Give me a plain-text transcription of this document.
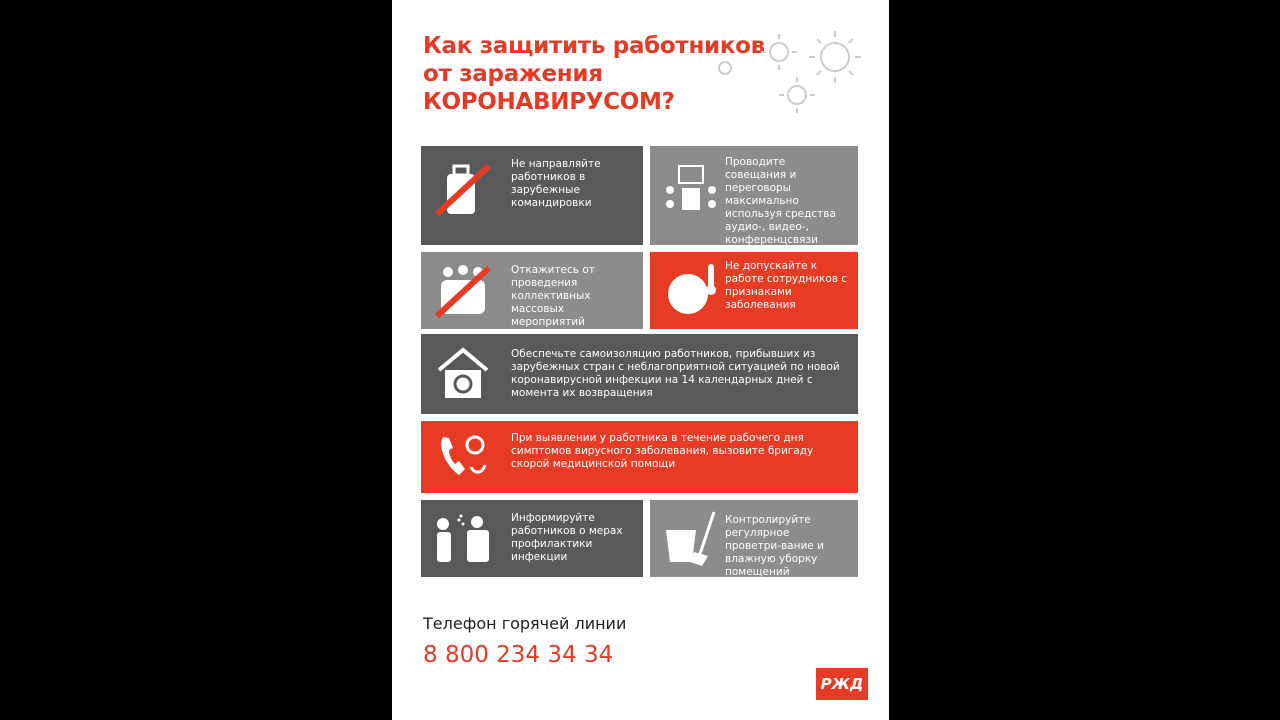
Как защитить работников
от заражения
КОРОНАВИРУСОМ?
Не направляйте работников в зарубежные командировки
Проводите совещания и переговоры максимально используя средства аудио-, видео-, конференцсвязи
Откажитесь от проведения коллективных массовых мероприятий
Не допускайте к работе сотрудников с признаками заболевания
Обеспечьте самоизоляцию работников, прибывших из зарубежных стран с неблагоприятной ситуацией по новой коронавирусной инфекции на 14 календарных дней с момента их возвращения
При выявлении у работника в течение рабочего дня симптомов вирусного заболевания, вызовите бригаду скорой медицинской помощи
Информируйте работников о мерах профилактики инфекции
Контролируйте регулярное проветри-вание и влажную уборку помещений
Телефон горячей линии
8 800 234 34 34
РЖД
